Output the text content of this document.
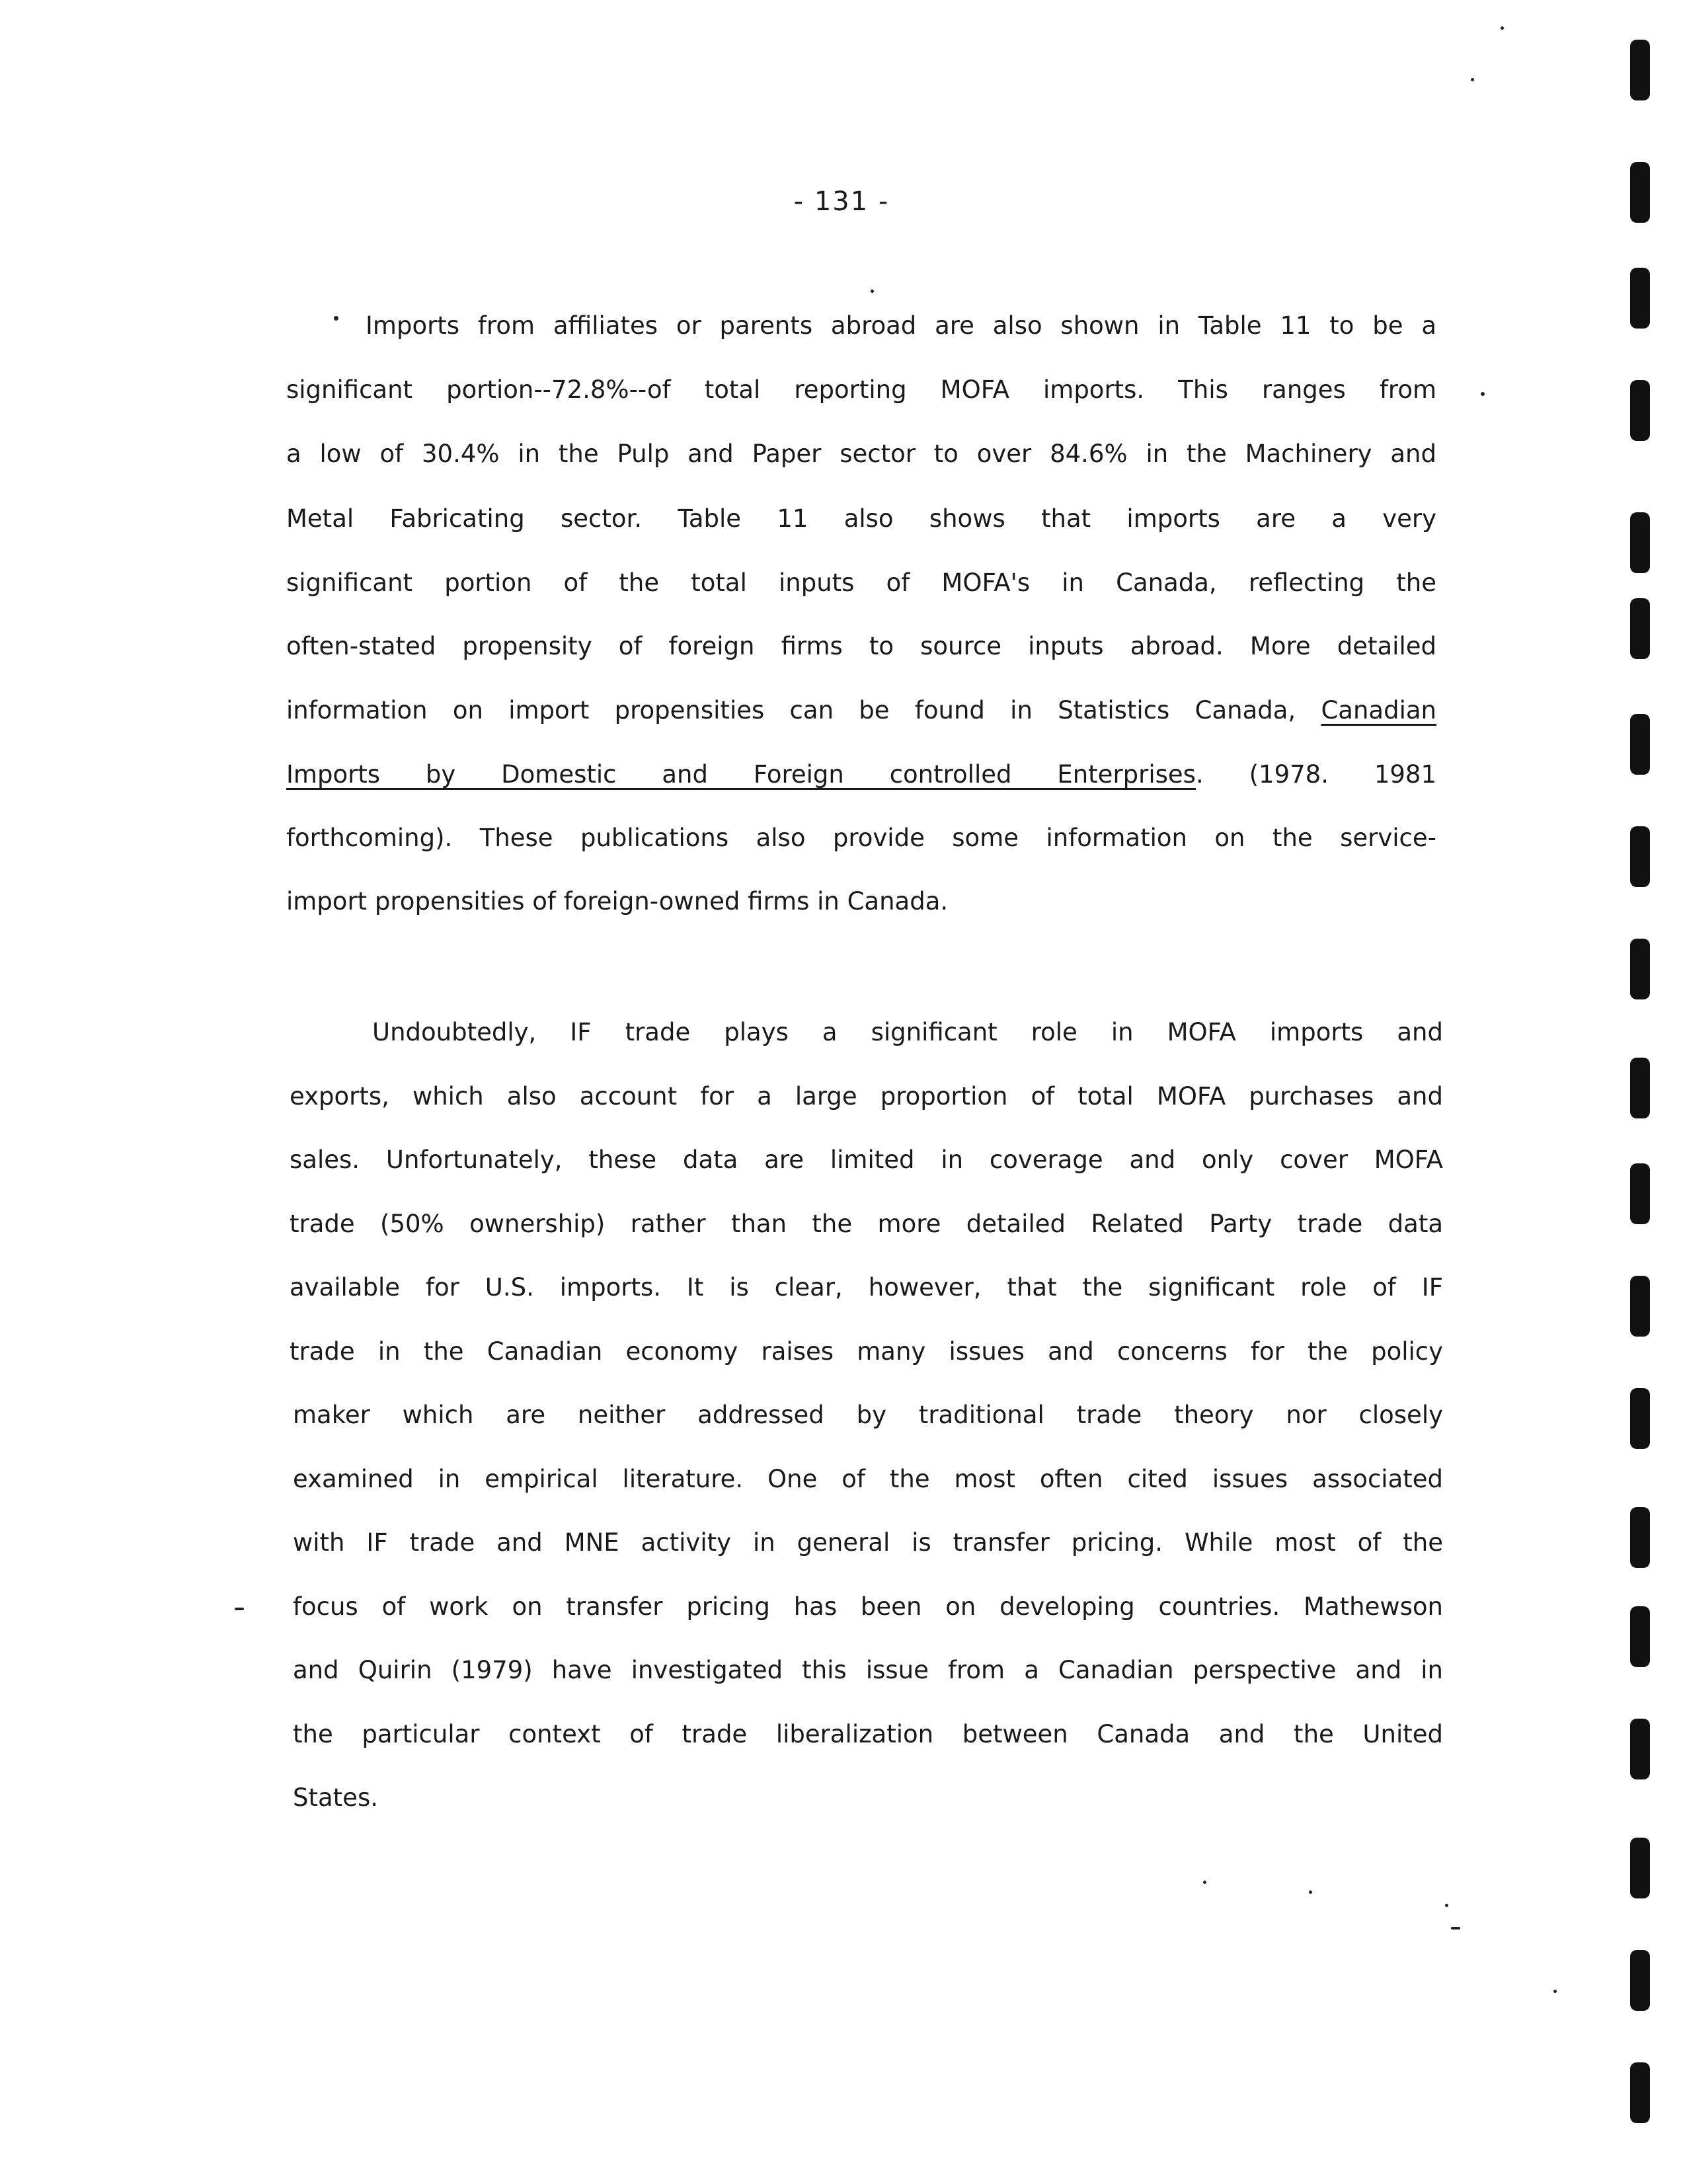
- 131 -
Imports from affiliates or parents abroad are also shown in Table 11 to be a
significant portion--72.8%--of total reporting MOFA imports. This ranges from
a low of 30.4% in the Pulp and Paper sector to over 84.6% in the Machinery and
Metal Fabricating sector. Table 11 also shows that imports are a very
significant portion of the total inputs of MOFA's in Canada, reflecting the
often-stated propensity of foreign firms to source inputs abroad. More detailed
information on import propensities can be found in Statistics Canada, Canadian
Imports by Domestic and Foreign controlled Enterprises. (1978. 1981
forthcoming). These publications also provide some information on the service-
import propensities of foreign-owned firms in Canada.
Undoubtedly, IF trade plays a significant role in MOFA imports and
exports, which also account for a large proportion of total MOFA purchases and
sales. Unfortunately, these data are limited in coverage and only cover MOFA
trade (50% ownership) rather than the more detailed Related Party trade data
available for U.S. imports. It is clear, however, that the significant role of IF
trade in the Canadian economy raises many issues and concerns for the policy
maker which are neither addressed by traditional trade theory nor closely
examined in empirical literature. One of the most often cited issues associated
with IF trade and MNE activity in general is transfer pricing. While most of the
focus of work on transfer pricing has been on developing countries. Mathewson
and Quirin (1979) have investigated this issue from a Canadian perspective and in
the particular context of trade liberalization between Canada and the United
States.
